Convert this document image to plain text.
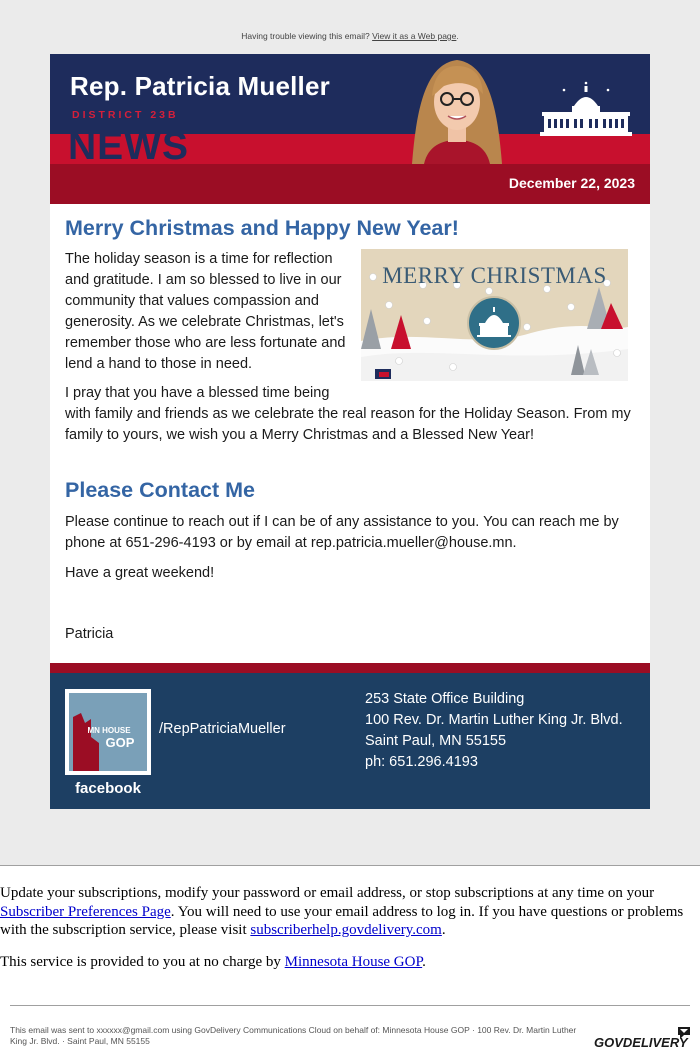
Having trouble viewing this email? View it as a Web page.
Rep. Patricia Mueller
DISTRICT 23B
NEWS
December 22, 2023
Merry Christmas and Happy New Year!
MERRY CHRISTMAS

The holiday season is a time for reflection and gratitude. I am so blessed to live in our community that values compassion and generosity. As we celebrate Christmas, let's remember those who are less fortunate and lend a hand to those in need.

I pray that you have a blessed time being with family and friends as we celebrate the real reason for the Holiday Season. From my family to yours, we wish you a Merry Christmas and a Blessed New Year!

Please Contact Me

Please continue to reach out if I can be of any assistance to you. You can reach me by phone at 651-296-4193 or by email at rep.patricia.mueller@house.mn.

Have a great weekend!

Patricia

MN HOUSE
GOP
facebook
/RepPatriciaMueller
253 State Office Building
100 Rev. Dr. Martin Luther King Jr. Blvd.
Saint Paul, MN 55155
ph: 651.296.4193
Update your subscriptions, modify your password or email address, or stop subscriptions at any time on your Subscriber Preferences Page. You will need to use your email address to log in. If you have questions or problems with the subscription service, please visit subscriberhelp.govdelivery.com.
This service is provided to you at no charge by Minnesota House GOP.
This email was sent to xxxxxx@gmail.com using GovDelivery Communications Cloud on behalf of: Minnesota House GOP · 100 Rev. Dr. Martin Luther King Jr. Blvd. · Saint Paul, MN 55155	GOVDELIVERY
